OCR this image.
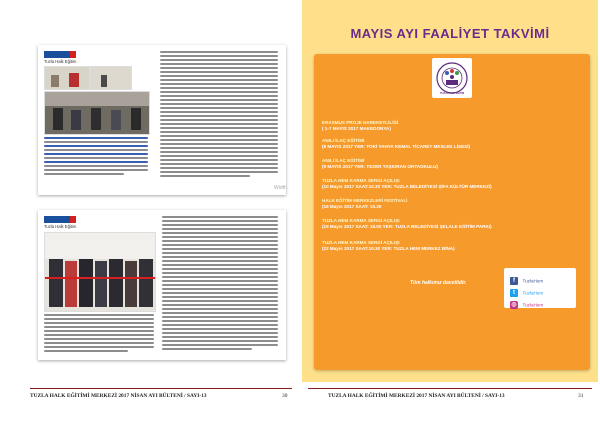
Tuzla Halk Eğitim
Width
Tuzla Halk Eğitim
TUZLA HALK EĞİTİMİ MERKEZİ 2017 NİSAN AYI BÜLTENİ / SAYI-13	30
MAYIS AYI FAALİYET TAKVİMİ
TUZLA HALK EĞİTİM
ERASMUS PROJE HAREKETLİLİĞİ
( 1-7 MAYIS 2017 MAKEDONYA)
ANILI İLAÇ EĞİTİMİ
(8 MAYIS 2017 YER: TOKİ YAHYA KEMAL TİCARET MESLEK LİSESİ)
ANILI İLAÇ EĞİTİMİ
(9 MAYIS 2017 YER: TEZER TAŞKIRAN ORTAOKULU)
TUZLA HEM KARMA SERGİ AÇILIŞI
(10 Mayıs 2017 SAAT:10.30 YER: TUZLA BELEDİYESİ ŞİFA KÜLTÜR MERKEZİ)
HALK EĞİTİM MERKEZLERİ FESTİVALİ
(18 Mayıs 2017 SAAT: 10.30
TUZLA HEM KARMA SERGİ AÇILIŞI
(19 Mayıs 2017 SAAT: 18.00 YER: TUZLA BELEDİYESİ ŞELALE EĞİTİM PARKI)
TUZLA HEM KARMA SERGİ AÇILIŞI
(22 Mayıs 2017 SAAT:10.30 YER: TUZLA HEM MERKEZ BİNA)
Tüm halkımız davetlidir.	f TuzlaHem
t TuzlaHem
◎ TuzlaHem
TUZLA HALK EĞİTİMİ MERKEZİ 2017 NİSAN AYI BÜLTENİ / SAYI-13	31
